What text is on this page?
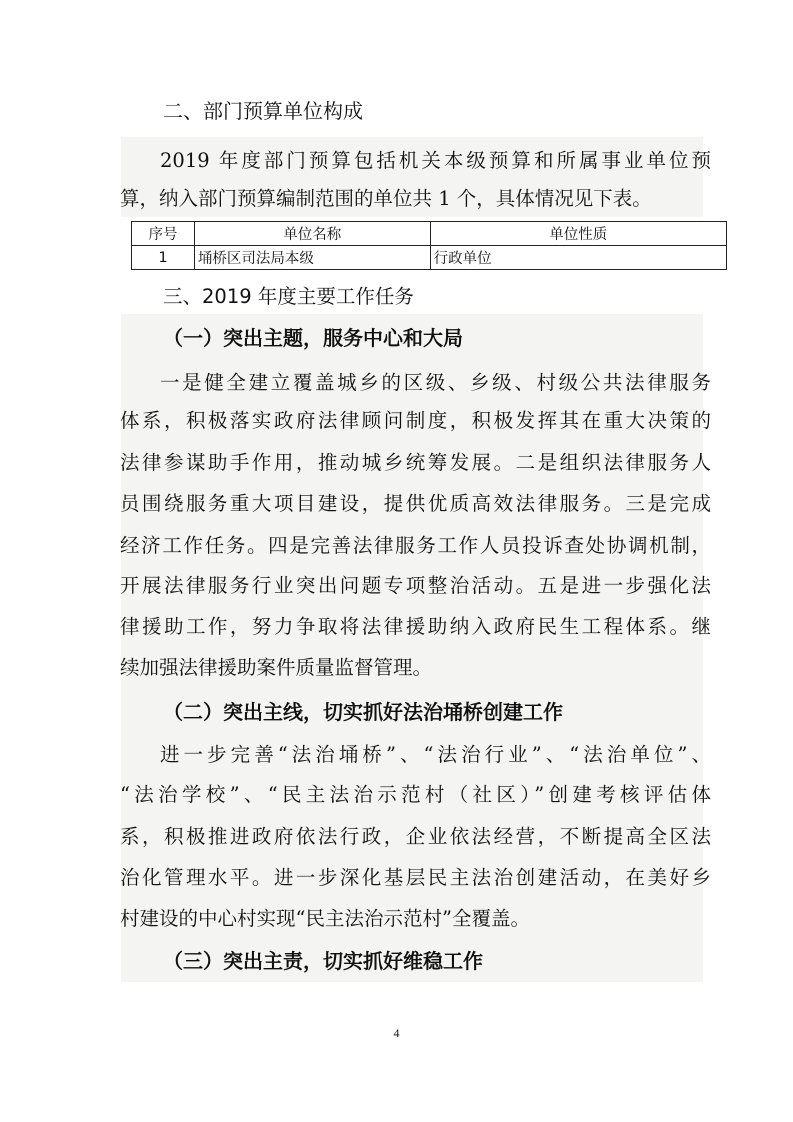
二、部门预算单位构成
2019 年度部门预算包括机关本级预算和所属事业单位预
算，纳入部门预算编制范围的单位共 1 个，具体情况见下表。
序号	单位名称	单位性质
1	埇桥区司法局本级	行政单位
三、2019 年度主要工作任务
（一）突出主题，服务中心和大局
一是健全建立覆盖城乡的区级、乡级、村级公共法律服务
体系，积极落实政府法律顾问制度，积极发挥其在重大决策的
法律参谋助手作用，推动城乡统筹发展。二是组织法律服务人
员围绕服务重大项目建设，提供优质高效法律服务。三是完成
经济工作任务。四是完善法律服务工作人员投诉查处协调机制，
开展法律服务行业突出问题专项整治活动。五是进一步强化法
律援助工作，努力争取将法律援助纳入政府民生工程体系。继
续加强法律援助案件质量监督管理。
（二）突出主线，切实抓好法治埇桥创建工作
进一步完善“法治埇桥”、“法治行业”、“法治单位”、
“法治学校”、“民主法治示范村（社区）”创建考核评估体
系，积极推进政府依法行政，企业依法经营，不断提高全区法
治化管理水平。进一步深化基层民主法治创建活动，在美好乡
村建设的中心村实现“民主法治示范村”全覆盖。
（三）突出主责，切实抓好维稳工作
4
